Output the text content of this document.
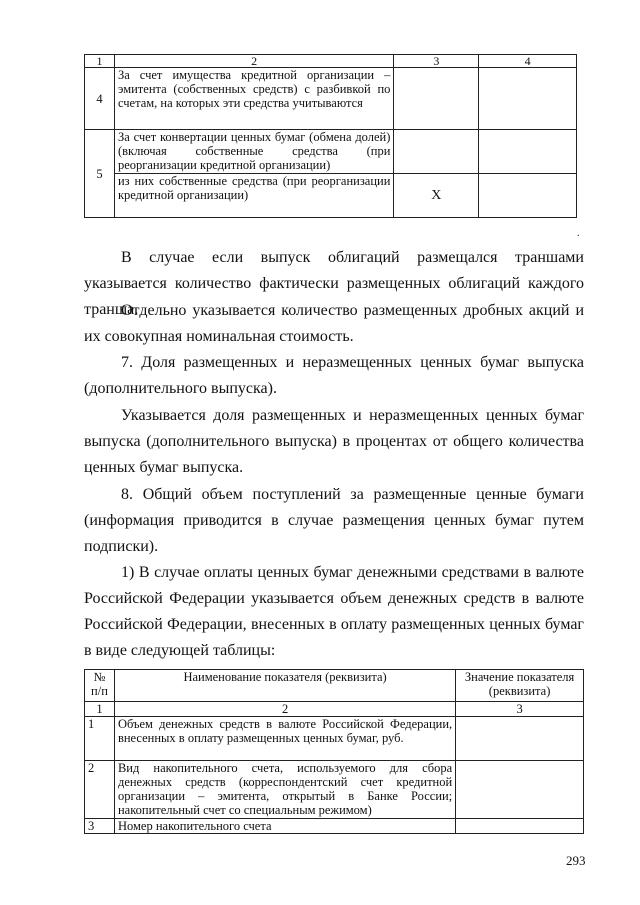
1	2	3	4
4	За счет имущества кредитной организации – эмитента (собственных средств) с разбивкой по счетам, на которых эти средства учитываются		
5	За счет конвертации ценных бумаг (обмена долей) (включая собственные средства (при реорганизации кредитной организации)		
	из них собственные средства (при реорганизации кредитной организации)	X	
.

В случае если выпуск облигаций размещался траншами указывается количество фактически размещенных облигаций каждого транша.

Отдельно указывается количество размещенных дробных акций и их совокупная номинальная стоимость.

7. Доля размещенных и неразмещенных ценных бумаг выпуска (дополнительного выпуска).

Указывается доля размещенных и неразмещенных ценных бумаг выпуска (дополнительного выпуска) в процентах от общего количества ценных бумаг выпуска.

8. Общий объем поступлений за размещенные ценные бумаги (информация приводится в случае размещения ценных бумаг путем подписки).

1) В случае оплаты ценных бумаг денежными средствами в валюте Российской Федерации указывается объем денежных средств в валюте Российской Федерации, внесенных в оплату размещенных ценных бумаг в виде следующей таблицы:

№ п/п	Наименование показателя (реквизита)	Значение показателя (реквизита)
1	2	3
1	Объем денежных средств в валюте Российской Федерации, внесенных в оплату размещенных ценных бумаг, руб.	
2	Вид накопительного счета, используемого для сбора денежных средств (корреспондентский счет кредитной организации – эмитента, открытый в Банке России; накопительный счет со специальным режимом)	
3	Номер накопительного счета	
293
